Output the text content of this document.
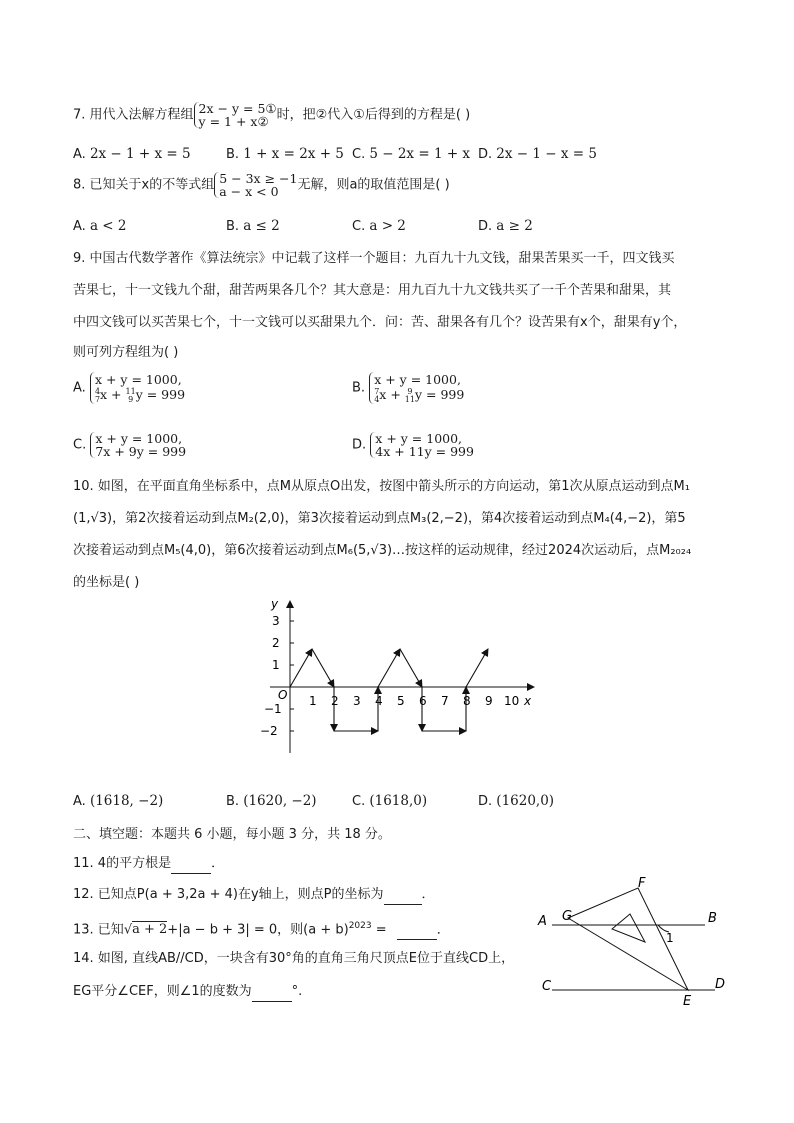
7. 用代入法解方程组 2x − y = 5①
y = 1 + x② 时，把②代入①后得到的方程是( )
A. 2x − 1 + x = 5	B. 1 + x = 2x + 5 C. 5 − 2x = 1 + x D. 2x − 1 − x = 5
8. 已知关于x的不等式组 5 − 3x ≥ −1
a − x < 0 无解，则a的取值范围是( )
A. a < 2	B. a ≤ 2	C. a > 2	D. a ≥ 2
9. 中国古代数学著作《算法统宗》中记载了这样一个题目：九百九十九文钱，甜果苦果买一千，四文钱买
苦果七，十一文钱九个甜，甜苦两果各几个？其大意是：用九百九十九文钱共买了一千个苦果和甜果，其
中四文钱可以买苦果七个，十一文钱可以买甜果九个．问：苦、甜果各有几个？设苦果有x个，甜果有y个，
则可列方程组为( )
A. x + y = 1000,
4
7x + 11
9 y = 999	B. x + y = 1000,
7
4x + 9
11y = 999
C. x + y = 1000,
7x + 9y = 999	D. x + y = 1000,
4x + 11y = 999
10. 如图，在平面直角坐标系中，点M从原点O出发，按图中箭头所示的方向运动，第1次从原点运动到点M₁
(1,√3)，第2次接着运动到点M₂(2,0)，第3次接着运动到点M₃(2,−2)，第4次接着运动到点M₄(4,−2)，第5
次接着运动到点M₅(4,0)，第6次接着运动到点M₆(5,√3)…按这样的运动规律，经过2024次运动后，点M₂₀₂₄
的坐标是( )
y
x
O
3
2
1
−1
−2
1 2 3 4 5 6 7 8 9 10
A. (1618, −2)	B. (1620, −2)	C. (1618,0)	D. (1620,0)
二、填空题：本题共 6 小题，每小题 3 分，共 18 分。
11. 4的平方根是	．
12. 已知点P(a + 3,2a + 4)在y轴上，则点P的坐标为	．
13. 已知√a + 2+|a − b + 3| = 0，则$(a + b)^{2023}$ =	．
14. 如图, 直线AB//CD，一块含有30°角的直角三角尺顶点E位于直线CD上，
EG平分∠CEF，则∠1的度数为	°.
A	B
C	D
E
F
G
1
